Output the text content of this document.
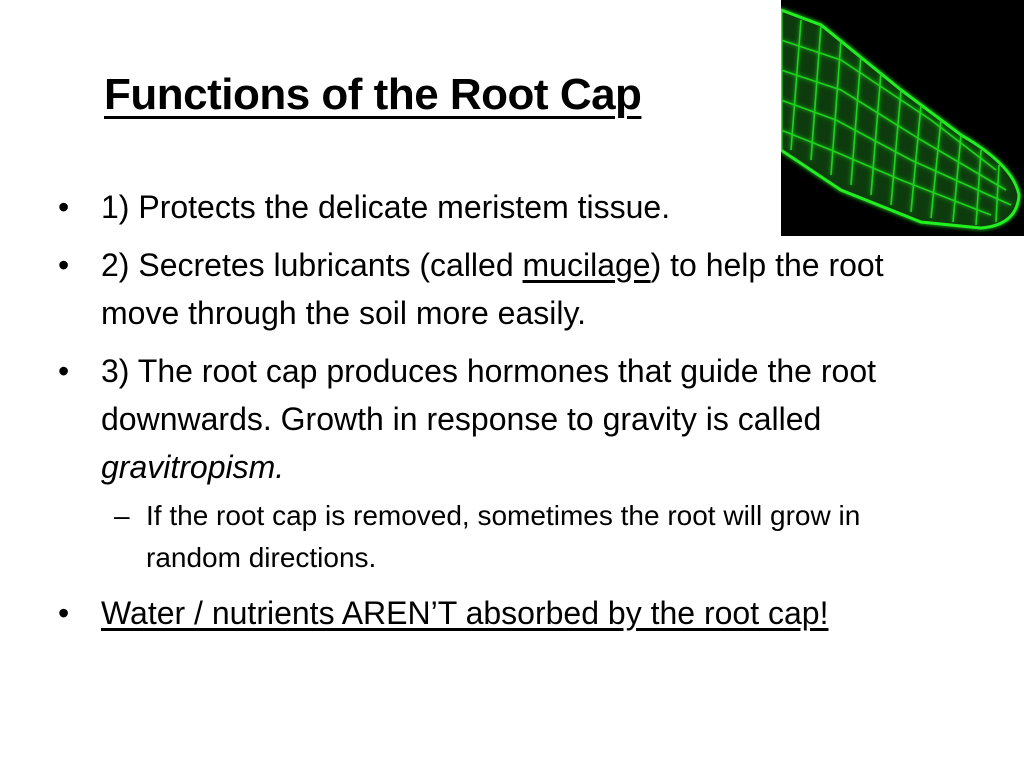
Functions of the Root Cap
• 1) Protects the delicate meristem tissue.
• 2) Secretes lubricants (called mucilage) to help the root move through the soil more easily.
• 3) The root cap produces hormones that guide the root downwards. Growth in response to gravity is called gravitropism.
– If the root cap is removed, sometimes the root will grow in random directions.
• Water / nutrients AREN’T absorbed by the root cap!
